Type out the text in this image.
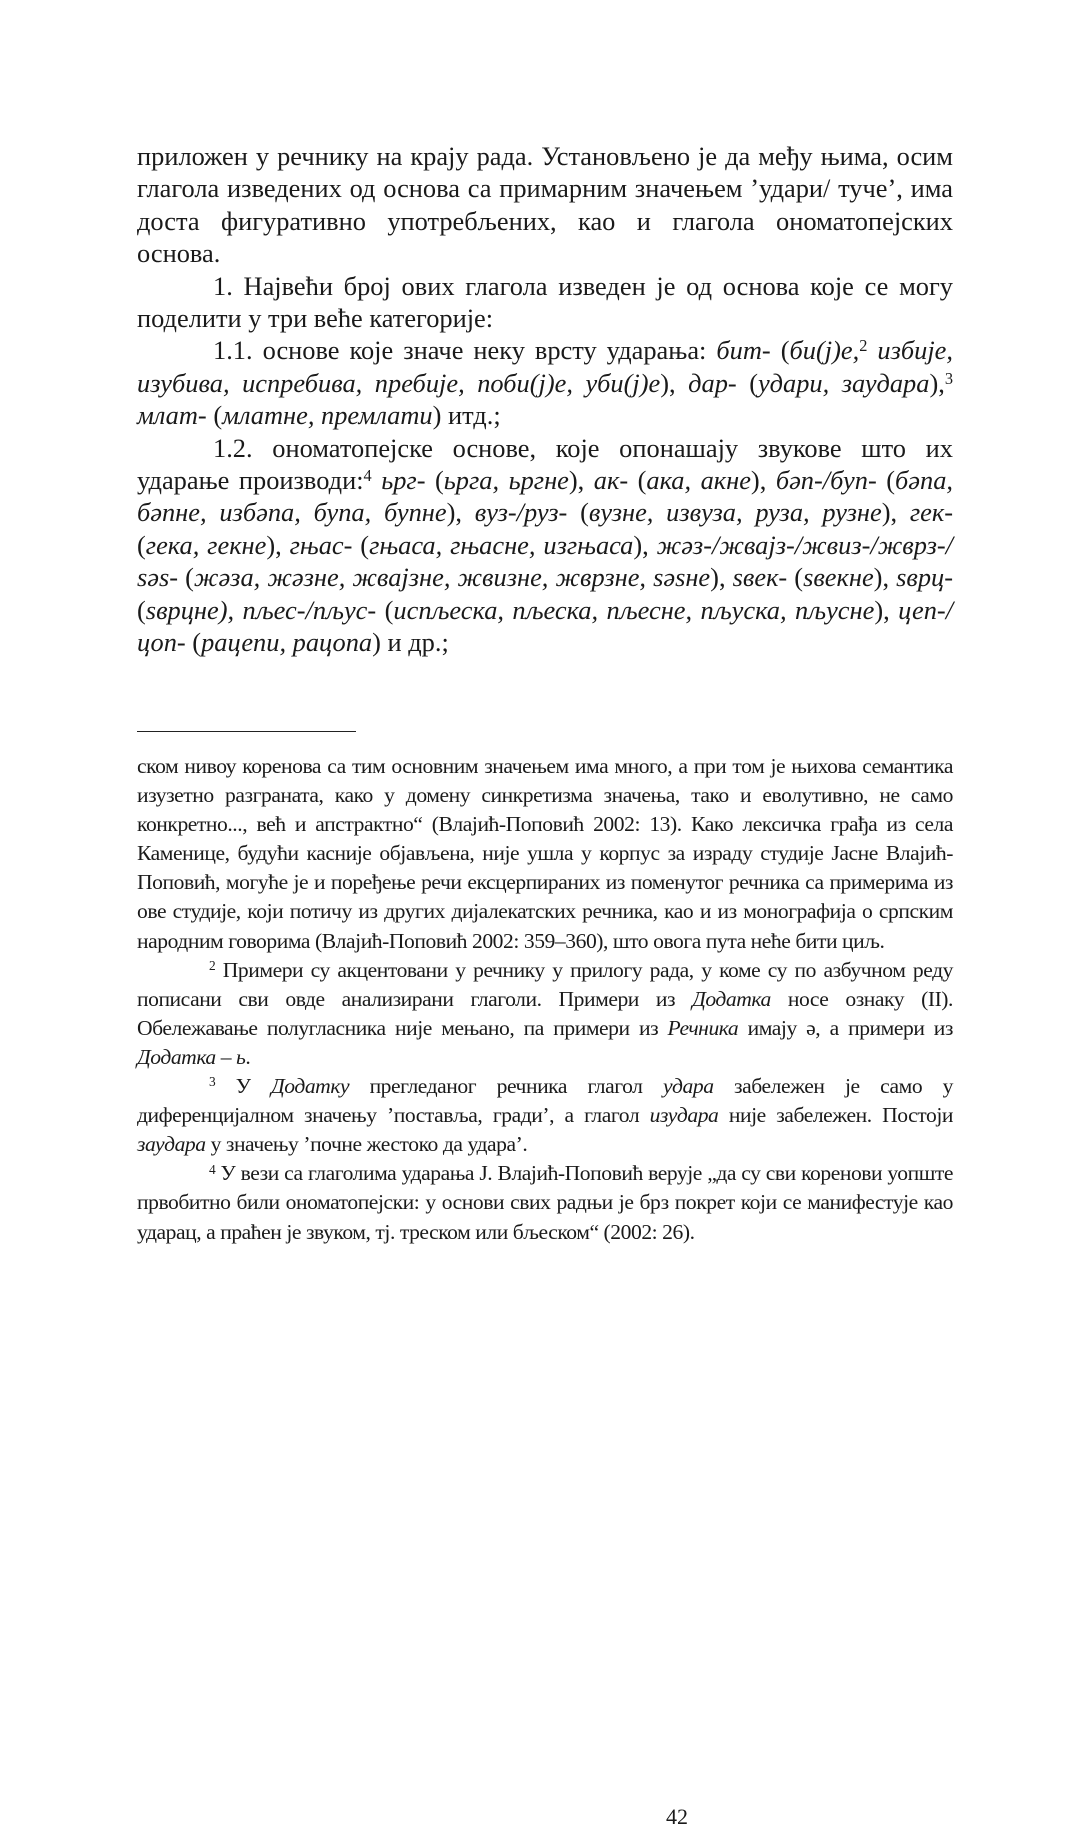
приложен у речнику на крају рада. Установљено је да међу њима, осим глагола изведених од основа са примарним значењем ’удари/ туче’, има доста фигуративно употребљених, као и глагола ономатопејских основа.

1. Највећи број ових глагола изведен је од основа које се могу поделити у три веће категорије:

1.1. основе које значе неку врсту ударања: бит- (би(ј)е,$^2$ избије, изубива, испребива, пребије, поби(ј)е, уби(ј)е), дар- (удари, заудара),$^3$ млат- (млатне, премлати) итд.;

1.2. ономатопејске основе, које опонашају звукове што их ударање производи:$^4$ ьрг- (ьрга, ьргне), ак- (ака, акне), бәп-/буп- (бәпа, бәпне, избәпа, бупа, бупне), вуз-/руз- (вузне, извуза, руза, рузне), гек- (гека, гекне), гњас- (гњаса, гњасне, изгњаса), жәз-/жвајз-/жвиз-/жврз-/ѕәѕ- (жәза, жәзне, жвајзне, жвизне, жврзне, ѕәѕне), ѕвек- (ѕвекне), ѕврц- (ѕврцне), пљес-/пљус- (испљеска, пљеска, пљесне, пљуска, пљусне), цеп-/цоп- (рацепи, рацопа) и др.;

ском нивоу коренова са тим основним значењем има много, а при том је њихова семантика изузетно разграната, како у домену синкретизма значења, тако и еволутивно, не само конкретно..., већ и апстрактно“ (Влајић-Поповић 2002: 13). Како лексичка грађа из села Каменице, будући касније објављена, није ушла у корпус за израду студије Јасне Влајић-Поповић, могуће је и поређење речи ексцерпираних из поменутог речника са примерима из ове студије, који потичу из других дијалекатских речника, као и из монографија о српским народним говорима (Влајић-Поповић 2002: 359–360), што овога пута неће бити циљ.

$^2$ Примери су акцентовани у речнику у прилогу рада, у коме су по азбучном реду пописани сви овде анализирани глаголи. Примери из Додатка носе ознаку (II). Обележавање полугласника није мењано, па примери из Речника имају ә, а примери из Додатка – ь.

$^3$ У Додатку прегледаног речника глагол удара забележен је само у диференцијалном значењу ’поставља, гради’, а глагол изудара није забележен. Постоји заудара у значењу ’почне жестоко да удара’.

$^4$ У вези са глаголима ударања Ј. Влајић-Поповић верује „да су сви коренови уопште првобитно били ономатопејски: у основи свих радњи је брз покрет који се манифестује као ударац, а праћен је звуком, тј. треском или бљеском“ (2002: 26).

42
